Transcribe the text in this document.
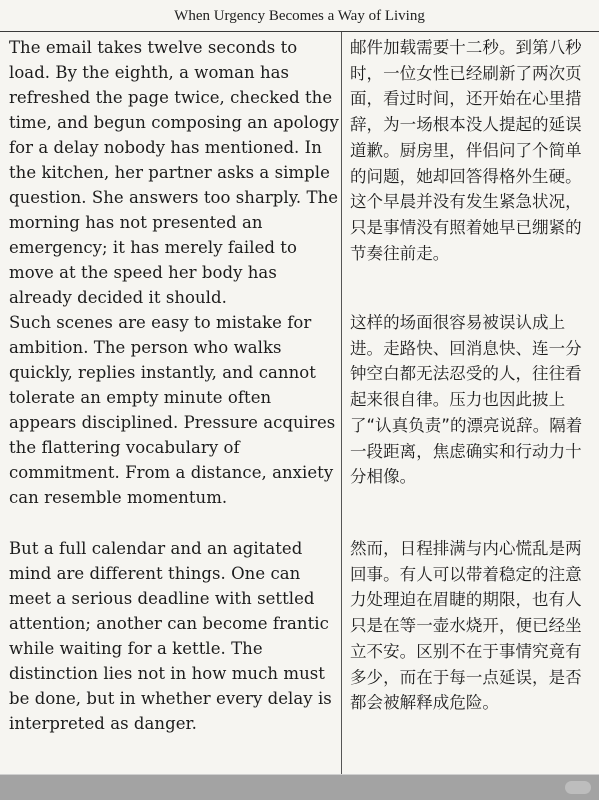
When Urgency Becomes a Way of Living

The email takes twelve seconds to load. By the eighth, a woman has refreshed the page twice, checked the time, and begun composing an apology for a delay nobody has mentioned. In the kitchen, her partner asks a simple question. She answers too sharply. The morning has not presented an emergency; it has merely failed to move at the speed her body has already decided it should.

Such scenes are easy to mistake for ambition. The person who walks quickly, replies instantly, and cannot tolerate an empty minute often appears disciplined. Pressure acquires the flattering vocabulary of commitment. From a distance, anxiety can resemble momentum.

But a full calendar and an agitated mind are different things. One can meet a serious deadline with settled attention; another can become frantic while waiting for a kettle. The distinction lies not in how much must be done, but in whether every delay is interpreted as danger.

邮件加载需要十二秒。到第八秒时，一位女性已经刷新了两次页面，看过时间，还开始在心里措辞，为一场根本没人提起的延误道歉。厨房里，伴侣问了个简单的问题，她却回答得格外生硬。这个早晨并没有发生紧急状况，只是事情没有照着她早已绷紧的节奏往前走。

这样的场面很容易被误认成上进。走路快、回消息快、连一分钟空白都无法忍受的人，往往看起来很自律。压力也因此披上了“认真负责”的漂亮说辞。隔着一段距离，焦虑确实和行动力十分相像。

然而，日程排满与内心慌乱是两回事。有人可以带着稳定的注意力处理迫在眉睫的期限，也有人只是在等一壶水烧开，便已经坐立不安。区别不在于事情究竟有多少，而在于每一点延误，是否都会被解释成危险。
